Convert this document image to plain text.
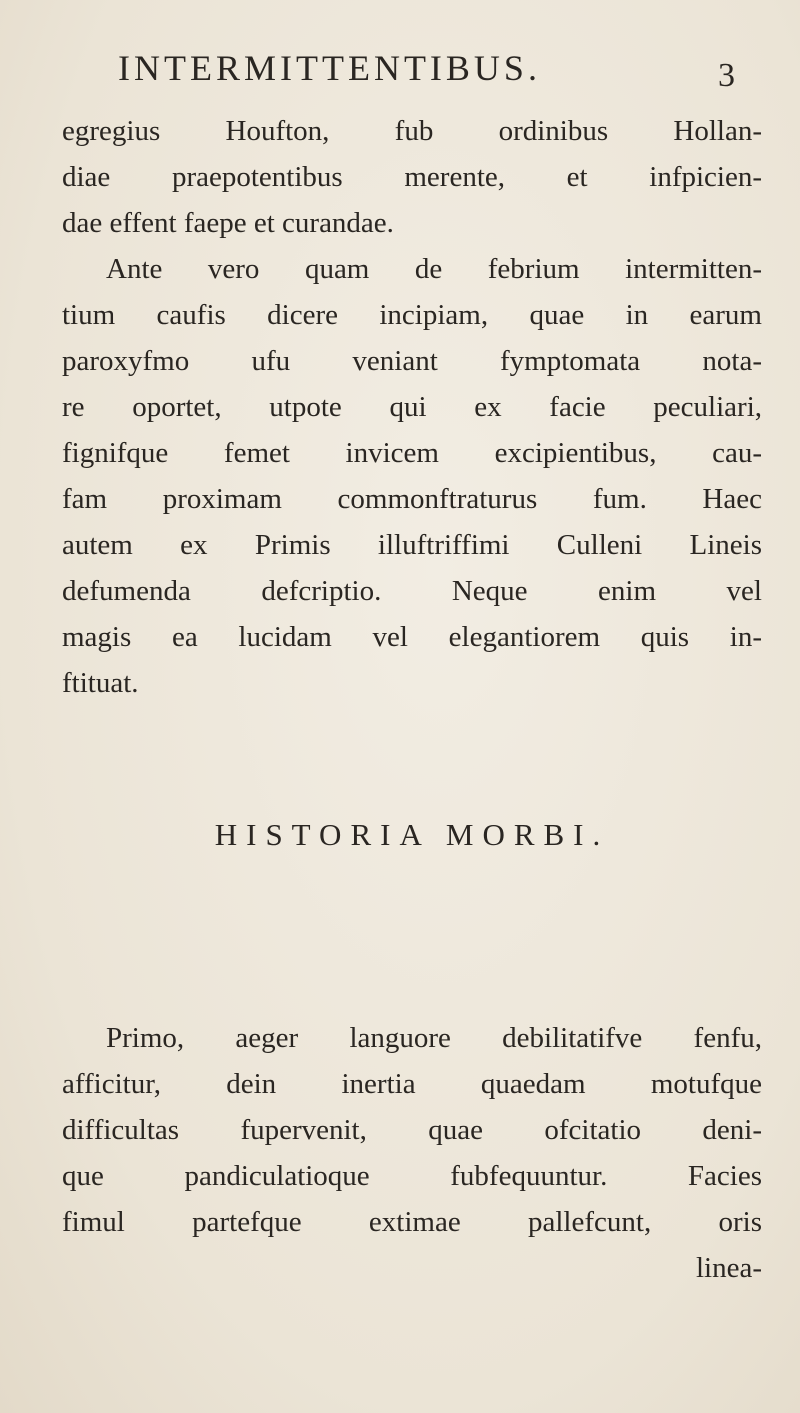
INTERMITTENTIBUS.	3
egregius Houfton, fub ordinibus Hollan-
diae praepotentibus merente, et infpicien-
dae effent faepe et curandae.
Ante vero quam de febrium intermitten-
tium caufis dicere incipiam, quae in earum
paroxyfmo ufu veniant fymptomata nota-
re oportet, utpote qui ex facie peculiari,
fignifque femet invicem excipientibus, cau-
fam proximam commonftraturus fum. Haec
autem ex Primis illuftriffimi Culleni Lineis
defumenda defcriptio. Neque enim vel
magis ea lucidam vel elegantiorem quis in-
ftituat.
HISTORIA MORBI.
Primo, aeger languore debilitatifve fenfu,
afficitur, dein inertia quaedam motufque
difficultas fupervenit, quae ofcitatio deni-
que pandiculatioque fubfequuntur. Facies
fimul partefque extimae pallefcunt, oris
linea-
